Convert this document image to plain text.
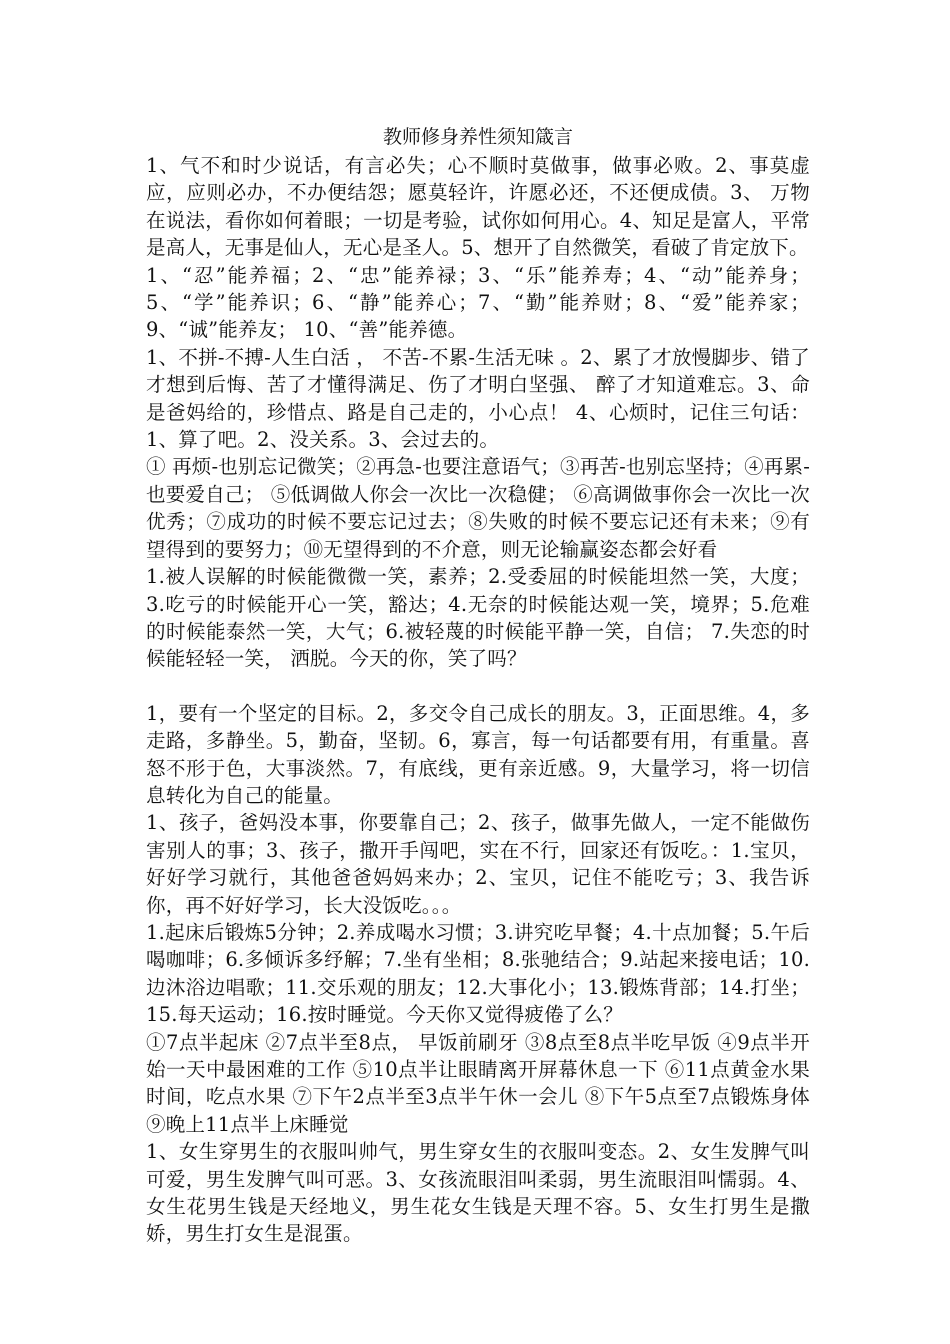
教师修身养性须知箴言

1、气不和时少说话，有言必失；心不顺时莫做事，做事必败。2、事莫虚应，应则必办，不办便结怨；愿莫轻许，许愿必还，不还便成债。3、 万物在说法，看你如何着眼；一切是考验，试你如何用心。4、知足是富人，平常是高人，无事是仙人，无心是圣人。5、想开了自然微笑，看破了肯定放下。

1、“忍”能养福；2、“忠”能养禄；3、“乐”能养寿；4、“动”能养身；5、“学”能养识；6、“静”能养心；7、“勤”能养财；8、“爱”能养家； 9、“诚”能养友； 10、“善”能养德。

1、不拼-不搏-人生白活 ， 不苦-不累-生活无味 。2、累了才放慢脚步、错了才想到后悔、苦了才懂得满足、伤了才明白坚强、 醉了才知道难忘。3、命是爸妈给的，珍惜点、路是自己走的，小心点！ 4、心烦时，记住三句话：1、算了吧。2、没关系。3、会过去的。

① 再烦-也别忘记微笑；②再急-也要注意语气；③再苦-也别忘坚持；④再累-也要爱自己； ⑤低调做人你会一次比一次稳健； ⑥高调做事你会一次比一次优秀；⑦成功的时候不要忘记过去；⑧失败的时候不要忘记还有未来；⑨有望得到的要努力；⑩无望得到的不介意，则无论输赢姿态都会好看

1.被人误解的时候能微微一笑，素养；2.受委屈的时候能坦然一笑，大度；3.吃亏的时候能开心一笑，豁达；4.无奈的时候能达观一笑，境界；5.危难的时候能泰然一笑，大气；6.被轻蔑的时候能平静一笑，自信； 7.失恋的时候能轻轻一笑， 洒脱。今天的你，笑了吗？

1，要有一个坚定的目标。2，多交令自己成长的朋友。3，正面思维。4，多走路，多静坐。5，勤奋，坚韧。6，寡言，每一句话都要有用，有重量。喜怒不形于色，大事淡然。7，有底线，更有亲近感。9，大量学习，将一切信息转化为自己的能量。

1、孩子，爸妈没本事，你要靠自己；2、孩子，做事先做人，一定不能做伤害别人的事；3、孩子，撒开手闯吧，实在不行，回家还有饭吃。：1.宝贝，好好学习就行，其他爸爸妈妈来办；2、宝贝，记住不能吃亏；3、我告诉你，再不好好学习，长大没饭吃。。。

1.起床后锻炼5分钟；2.养成喝水习惯；3.讲究吃早餐；4.十点加餐；5.午后喝咖啡；6.多倾诉多纾解；7.坐有坐相；8.张驰结合；9.站起来接电话；10.边沐浴边唱歌；11.交乐观的朋友；12.大事化小；13.锻炼背部；14.打坐；15.每天运动；16.按时睡觉。今天你又觉得疲倦了么？

①7点半起床 ②7点半至8点， 早饭前刷牙 ③8点至8点半吃早饭 ④9点半开始一天中最困难的工作 ⑤10点半让眼睛离开屏幕休息一下 ⑥11点黄金水果时间，吃点水果 ⑦下午2点半至3点半午休一会儿 ⑧下午5点至7点锻炼身体 ⑨晚上11点半上床睡觉

1、女生穿男生的衣服叫帅气，男生穿女生的衣服叫变态。2、女生发脾气叫可爱，男生发脾气叫可恶。3、女孩流眼泪叫柔弱，男生流眼泪叫懦弱。4、女生花男生钱是天经地义，男生花女生钱是天理不容。5、女生打男生是撒娇，男生打女生是混蛋。
